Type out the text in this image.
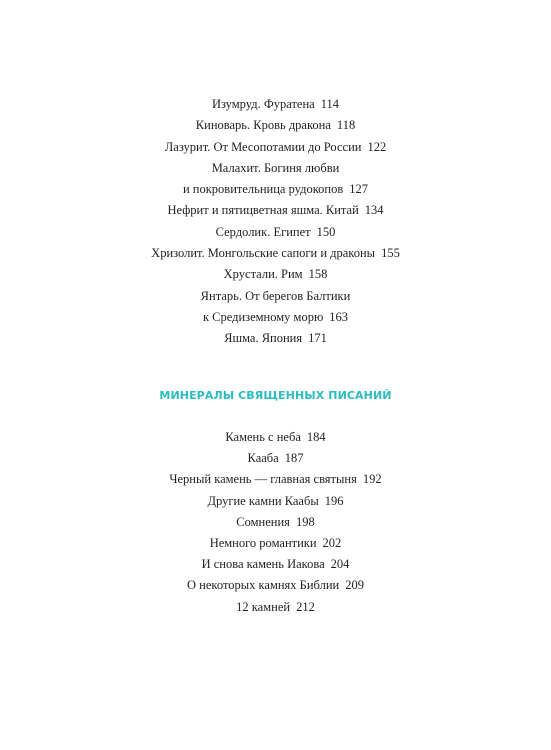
Изумруд. Фуратена 114
Киноварь. Кровь дракона 118
Лазурит. От Месопотамии до России 122
Малахит. Богиня любви
и покровительница рудокопов 127
Нефрит и пятицветная яшма. Китай 134
Сердолик. Египет 150
Хризолит. Монгольские сапоги и драконы 155
Хрустали. Рим 158
Янтарь. От берегов Балтики
к Средиземному морю 163
Яшма. Япония 171
МИНЕРАЛЫ СВЯЩЕННЫХ ПИСАНИЙ
Камень с неба 184
Кааба 187
Черный камень — главная святыня 192
Другие камни Каабы 196
Сомнения 198
Немного романтики 202
И снова камень Иакова 204
О некоторых камнях Библии 209
12 камней 212
